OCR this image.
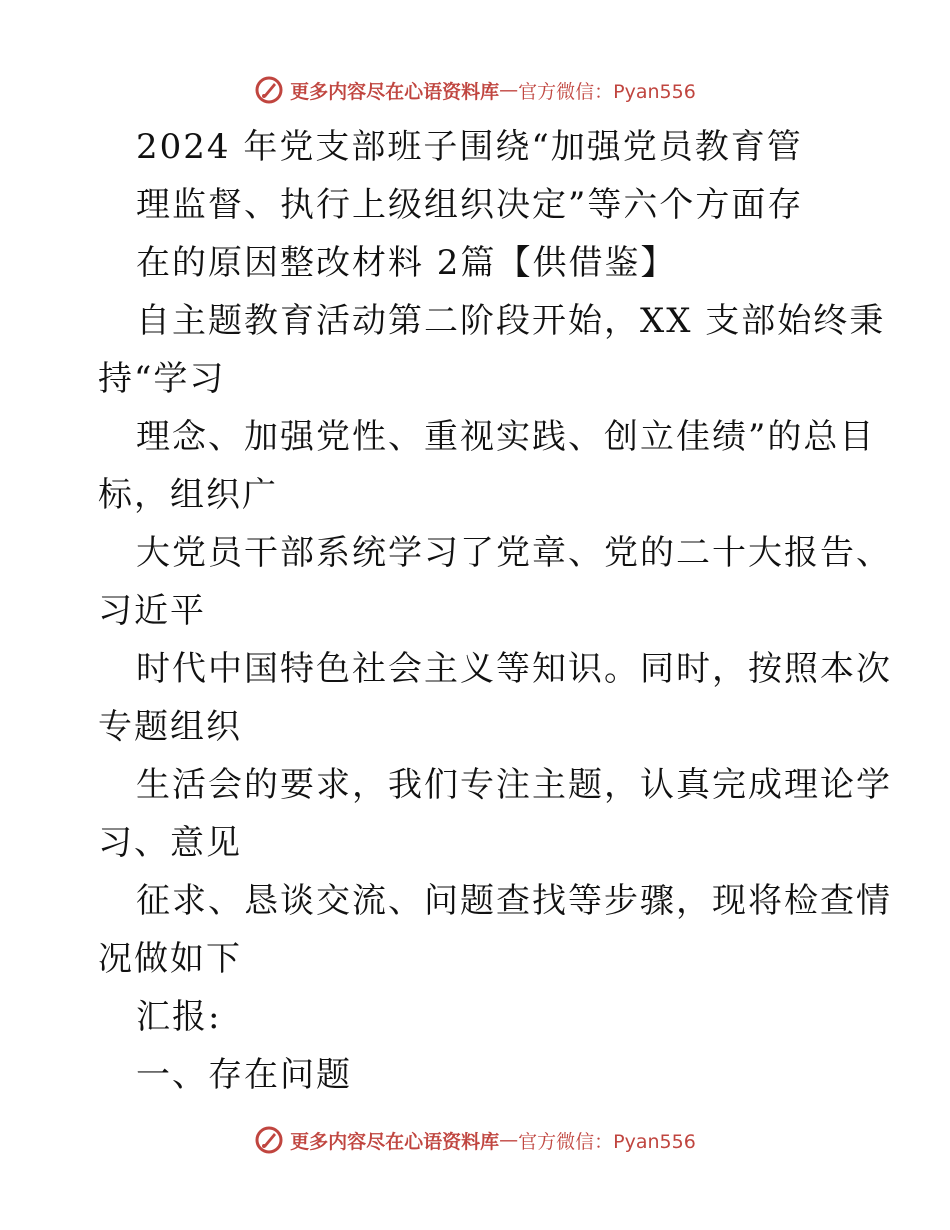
更多内容尽在心语资料库 — 官方微信：Pyan556
2024 年党支部班子围绕“加强党员教育管
理监督、执行上级组织决定”等六个方面存
在的原因整改材料 2篇【供借鉴】
自主题教育活动第二阶段开始，XX 支部始终秉
持“学习
理念、加强党性、重视实践、创立佳绩”的总目
标，组织广
大党员干部系统学习了党章、党的二十大报告、
习近平
时代中国特色社会主义等知识。同时，按照本次
专题组织
生活会的要求，我们专注主题，认真完成理论学
习、意见
征求、恳谈交流、问题查找等步骤，现将检查情
况做如下
汇报:
一、存在问题
更多内容尽在心语资料库 — 官方微信：Pyan556
